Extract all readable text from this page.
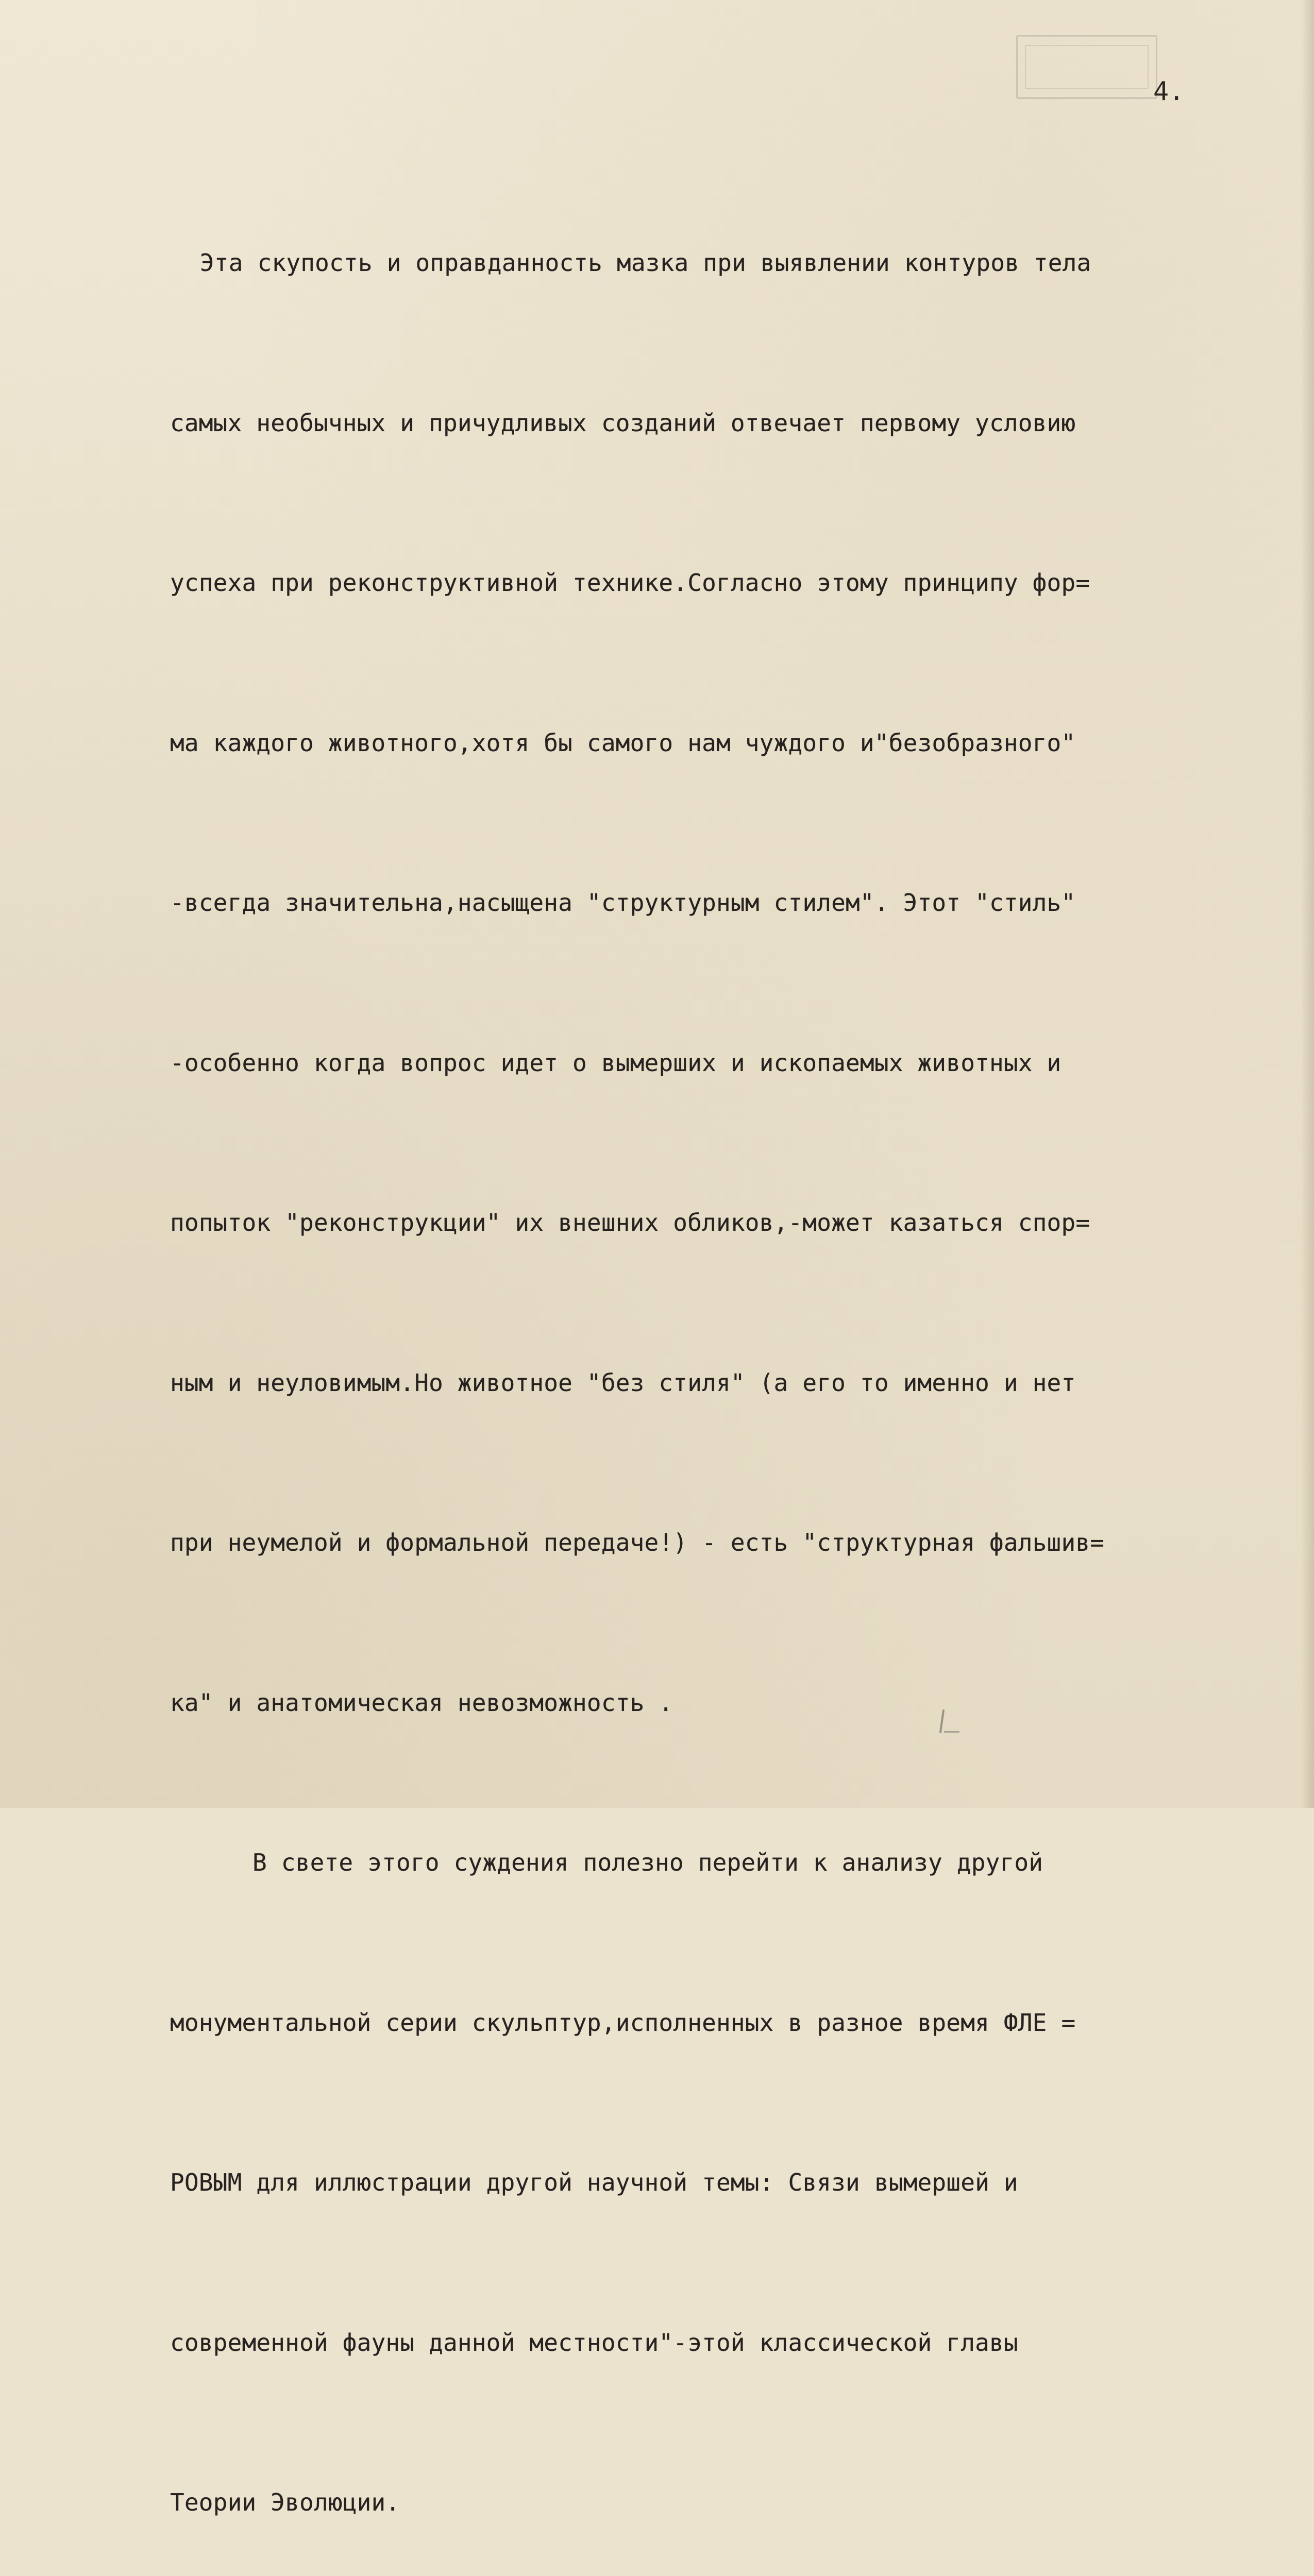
4.

Эта скупость и оправданность мазка при выявлении контуров тела

самых необычных и причудливых созданий отвечает первому условию

успеха при реконструктивной технике.Согласно этому принципу фор=

ма каждого животного,хотя бы самого нам чуждого и"безобразного"

-всегда значительна,насыщена "структурным стилем". Этот "стиль"

-особенно когда вопрос идет о вымерших и ископаемых животных и

попыток "реконструкции" их внешних обликов,-может казаться спор=

ным и неуловимым.Но животное "без стиля" (а его то именно и нет

при неумелой и формальной передаче!) - есть "структурная фальшив=

ка" и анатомическая невозможность .

В свете этого суждения полезно перейти к анализу другой

монументальной серии скульптур,исполненных в разное время ФЛЕ =

РОВЫМ для иллюстрации другой научной темы: Связи вымершей и

современной фауны данной местности"-этой классической главы

Теории Эволюции.
